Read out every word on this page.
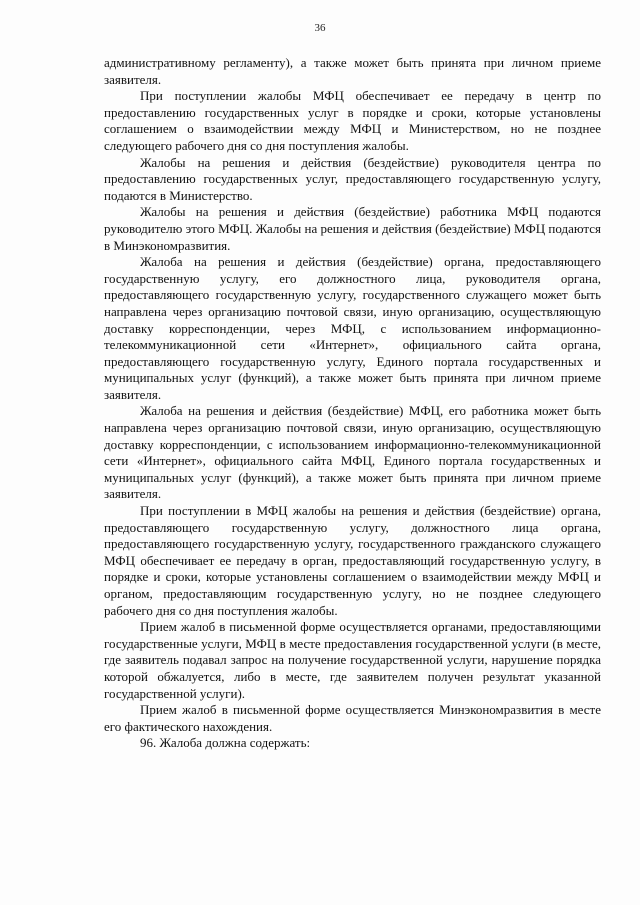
36

административному регламенту), а также может быть принята при личном приеме заявителя.

При поступлении жалобы МФЦ обеспечивает ее передачу в центр по предоставлению государственных услуг в порядке и сроки, которые установлены соглашением о взаимодействии между МФЦ и Министерством, но не позднее следующего рабочего дня со дня поступления жалобы.

Жалобы на решения и действия (бездействие) руководителя центра по предоставлению государственных услуг, предоставляющего государственную услугу, подаются в Министерство.

Жалобы на решения и действия (бездействие) работника МФЦ подаются руководителю этого МФЦ. Жалобы на решения и действия (бездействие) МФЦ подаются в Минэкономразвития.

Жалоба на решения и действия (бездействие) органа, предоставляющего государственную услугу, его должностного лица, руководителя органа, предоставляющего государственную услугу, государственного служащего может быть направлена через организацию почтовой связи, иную организацию, осуществляющую доставку корреспонденции, через МФЦ, с использованием информационно-телекоммуникационной сети «Интернет», официального сайта органа, предоставляющего государственную услугу, Единого портала государственных и муниципальных услуг (функций), а также может быть принята при личном приеме заявителя.

Жалоба на решения и действия (бездействие) МФЦ, его работника может быть направлена через организацию почтовой связи, иную организацию, осуществляющую доставку корреспонденции, с использованием информационно-телекоммуникационной сети «Интернет», официального сайта МФЦ, Единого портала государственных и муниципальных услуг (функций), а также может быть принята при личном приеме заявителя.

При поступлении в МФЦ жалобы на решения и действия (бездействие) органа, предоставляющего государственную услугу, должностного лица органа, предоставляющего государственную услугу, государственного гражданского служащего МФЦ обеспечивает ее передачу в орган, предоставляющий государственную услугу, в порядке и сроки, которые установлены соглашением о взаимодействии между МФЦ и органом, предоставляющим государственную услугу, но не позднее следующего рабочего дня со дня поступления жалобы.

Прием жалоб в письменной форме осуществляется органами, предоставляющими государственные услуги, МФЦ в месте предоставления государственной услуги (в месте, где заявитель подавал запрос на получение государственной услуги, нарушение порядка которой обжалуется, либо в месте, где заявителем получен результат указанной государственной услуги).

Прием жалоб в письменной форме осуществляется Минэкономразвития в месте его фактического нахождения.

96. Жалоба должна содержать:
